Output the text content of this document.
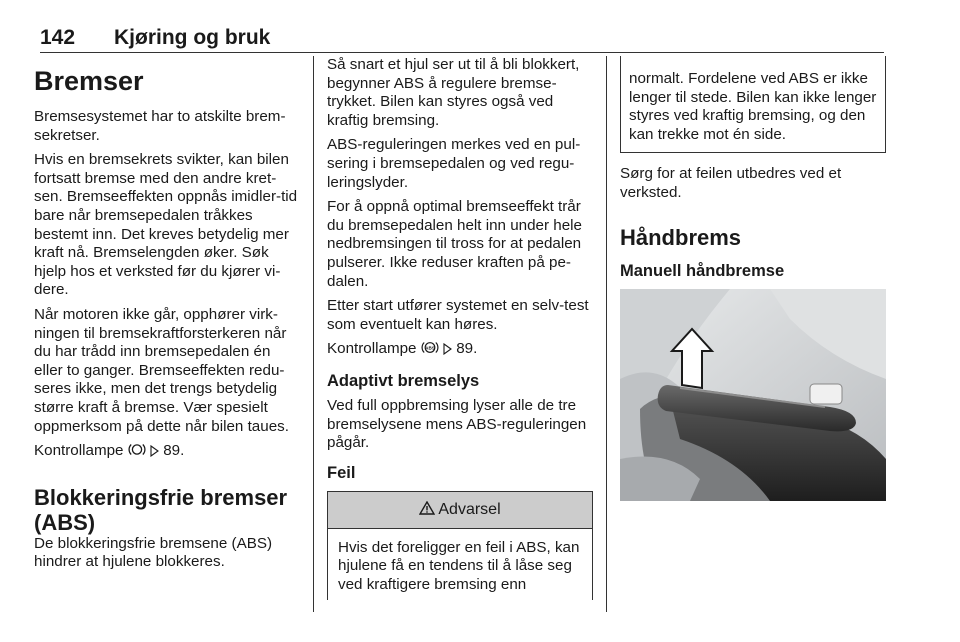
142 Kjøring og bruk
Bremser

Bremsesystemet har to atskilte brem-sekretser.

Hvis en bremsekrets svikter, kan bilen fortsatt bremse med den andre kret-sen. Bremseeffekten oppnås imidler-tid bare når bremsepedalen tråkkes bestemt inn. Det kreves betydelig mer kraft nå. Bremselengden øker. Søk hjelp hos et verksted før du kjører vi-dere.

Når motoren ikke går, opphører virk-ningen til bremsekraftforsterkeren når du har trådd inn bremsepedalen én eller to ganger. Bremseeffekten redu-seres ikke, men det trengs betydelig større kraft å bremse. Vær spesielt oppmerksom på dette når bilen taues.

Kontrollampe	89.

Blokkeringsfrie bremser
(ABS)

De blokkeringsfrie bremsene (ABS) hindrer at hjulene blokkeres.

Så snart et hjul ser ut til å bli blokkert, begynner ABS å regulere bremse-trykket. Bilen kan styres også ved kraftig bremsing.

ABS-reguleringen merkes ved en pul-sering i bremsepedalen og ved regu-leringslyder.

For å oppnå optimal bremseeffekt trår du bremsepedalen helt inn under hele nedbremsingen til tross for at pedalen pulserer. Ikke reduser kraften på pe-dalen.

Etter start utfører systemet en selv-test som eventuelt kan høres.

Kontrollampe ABS 89.

Adaptivt bremselys

Ved full oppbremsing lyser alle de tre bremselysene mens ABS-reguleringen pågår.

Feil
Advarsel

Hvis det foreligger en feil i ABS, kan hjulene få en tendens til å låse seg ved kraftigere bremsing enn

normalt. Fordelene ved ABS er ikke lenger til stede. Bilen kan ikke lenger styres ved kraftig bremsing, og den kan trekke mot én side.

Sørg for at feilen utbedres ved et verksted.

Håndbrems
Manuell håndbremse
